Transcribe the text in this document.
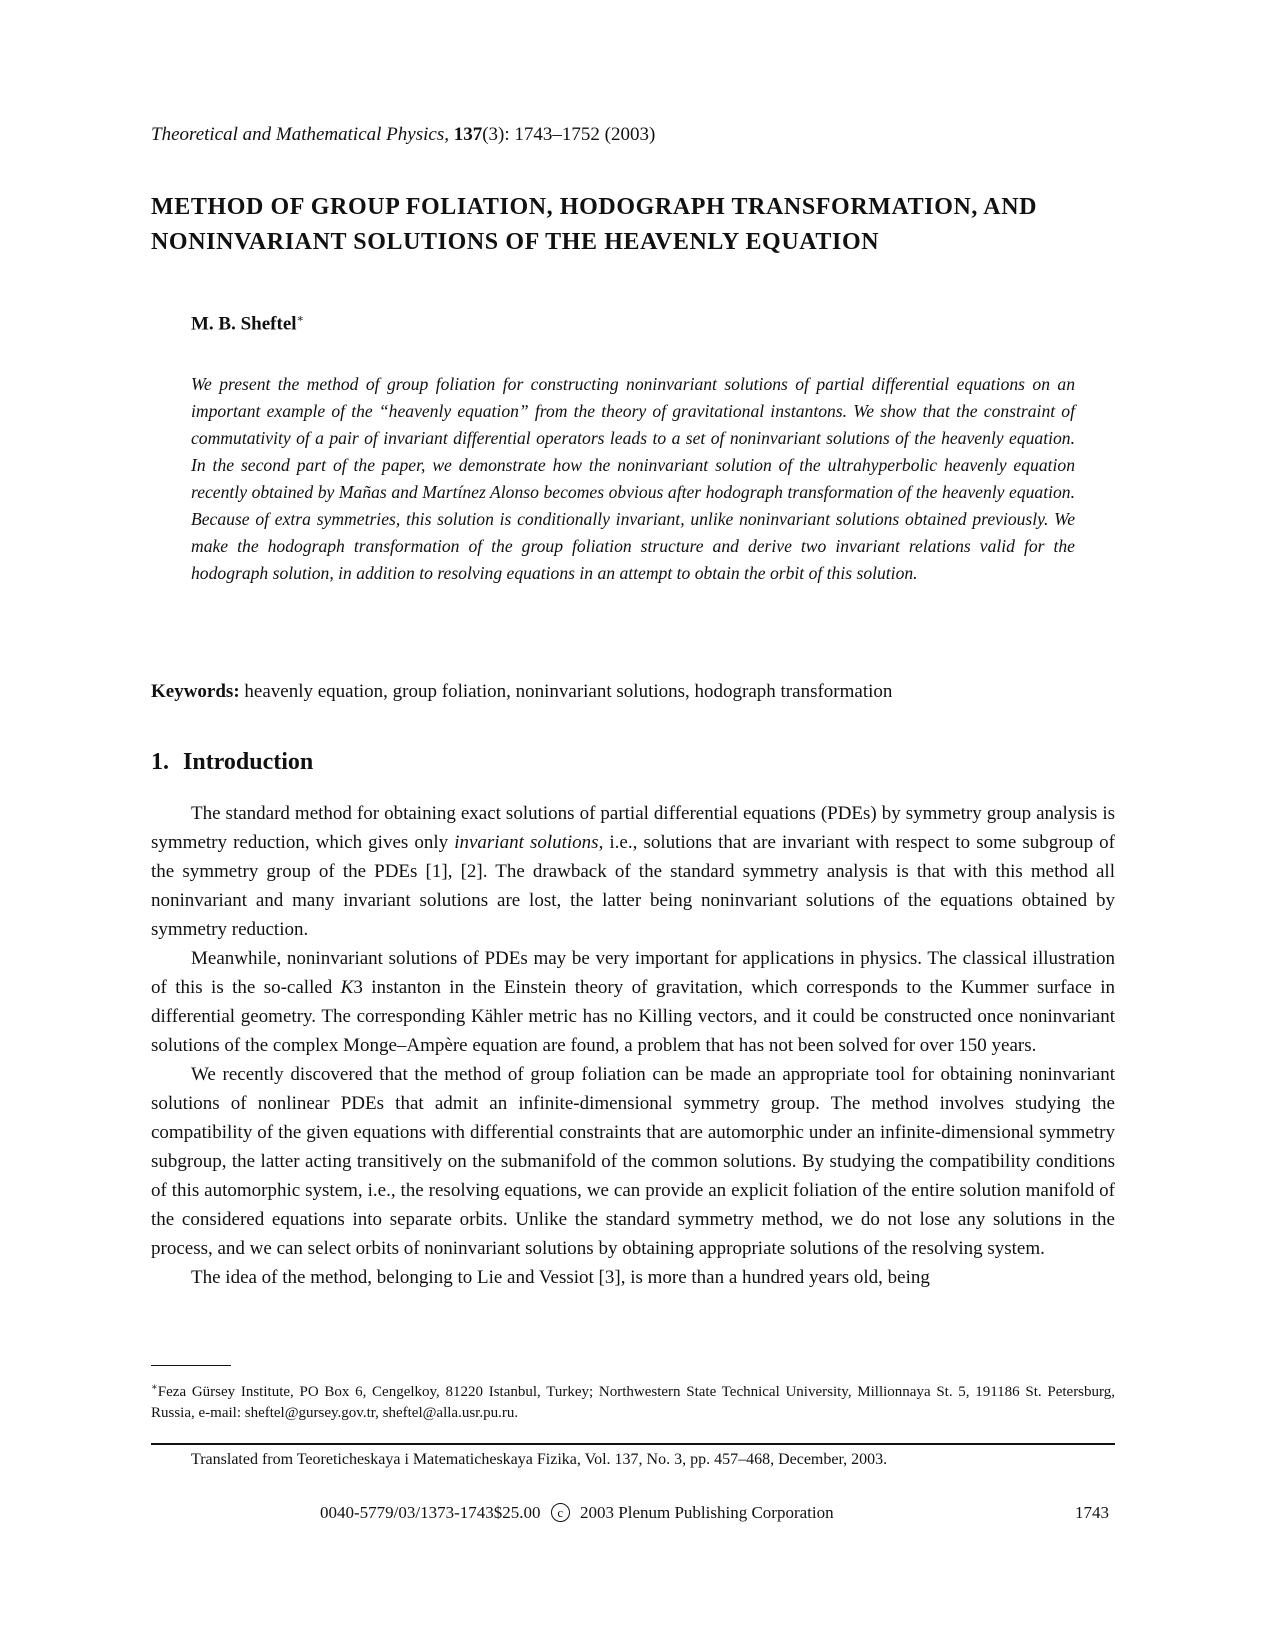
Theoretical and Mathematical Physics, 137(3): 1743–1752 (2003)
METHOD OF GROUP FOLIATION, HODOGRAPH TRANSFORMATION, AND NONINVARIANT SOLUTIONS OF THE HEAVENLY EQUATION
M. B. Sheftel∗

We present the method of group foliation for constructing noninvariant solutions of partial differential equations on an important example of the “heavenly equation” from the theory of gravitational instantons. We show that the constraint of commutativity of a pair of invariant differential operators leads to a set of noninvariant solutions of the heavenly equation. In the second part of the paper, we demonstrate how the noninvariant solution of the ultrahyperbolic heavenly equation recently obtained by Mañas and Martínez Alonso becomes obvious after hodograph transformation of the heavenly equation. Because of extra symmetries, this solution is conditionally invariant, unlike noninvariant solutions obtained previously. We make the hodograph transformation of the group foliation structure and derive two invariant relations valid for the hodograph solution, in addition to resolving equations in an attempt to obtain the orbit of this solution.

Keywords: heavenly equation, group foliation, noninvariant solutions, hodograph transformation
1. Introduction

The standard method for obtaining exact solutions of partial differential equations (PDEs) by symmetry group analysis is symmetry reduction, which gives only invariant solutions, i.e., solutions that are invariant with respect to some subgroup of the symmetry group of the PDEs [1], [2]. The drawback of the standard symmetry analysis is that with this method all noninvariant and many invariant solutions are lost, the latter being noninvariant solutions of the equations obtained by symmetry reduction.

Meanwhile, noninvariant solutions of PDEs may be very important for applications in physics. The classical illustration of this is the so-called K3 instanton in the Einstein theory of gravitation, which corresponds to the Kummer surface in differential geometry. The corresponding Kähler metric has no Killing vectors, and it could be constructed once noninvariant solutions of the complex Monge–Ampère equation are found, a problem that has not been solved for over 150 years.

We recently discovered that the method of group foliation can be made an appropriate tool for obtaining noninvariant solutions of nonlinear PDEs that admit an infinite-dimensional symmetry group. The method involves studying the compatibility of the given equations with differential constraints that are automorphic under an infinite-dimensional symmetry subgroup, the latter acting transitively on the submanifold of the common solutions. By studying the compatibility conditions of this automorphic system, i.e., the resolving equations, we can provide an explicit foliation of the entire solution manifold of the considered equations into separate orbits. Unlike the standard symmetry method, we do not lose any solutions in the process, and we can select orbits of noninvariant solutions by obtaining appropriate solutions of the resolving system.

The idea of the method, belonging to Lie and Vessiot [3], is more than a hundred years old, being

∗Feza Gürsey Institute, PO Box 6, Cengelkoy, 81220 Istanbul, Turkey; Northwestern State Technical University, Millionnaya St. 5, 191186 St. Petersburg, Russia, e-mail: sheftel@gursey.gov.tr, sheftel@alla.usr.pu.ru.

Translated from Teoreticheskaya i Matematicheskaya Fizika, Vol. 137, No. 3, pp. 457–468, December, 2003.
0040-5779/03/1373-1743$25.00 c 2003 Plenum Publishing Corporation	1743
